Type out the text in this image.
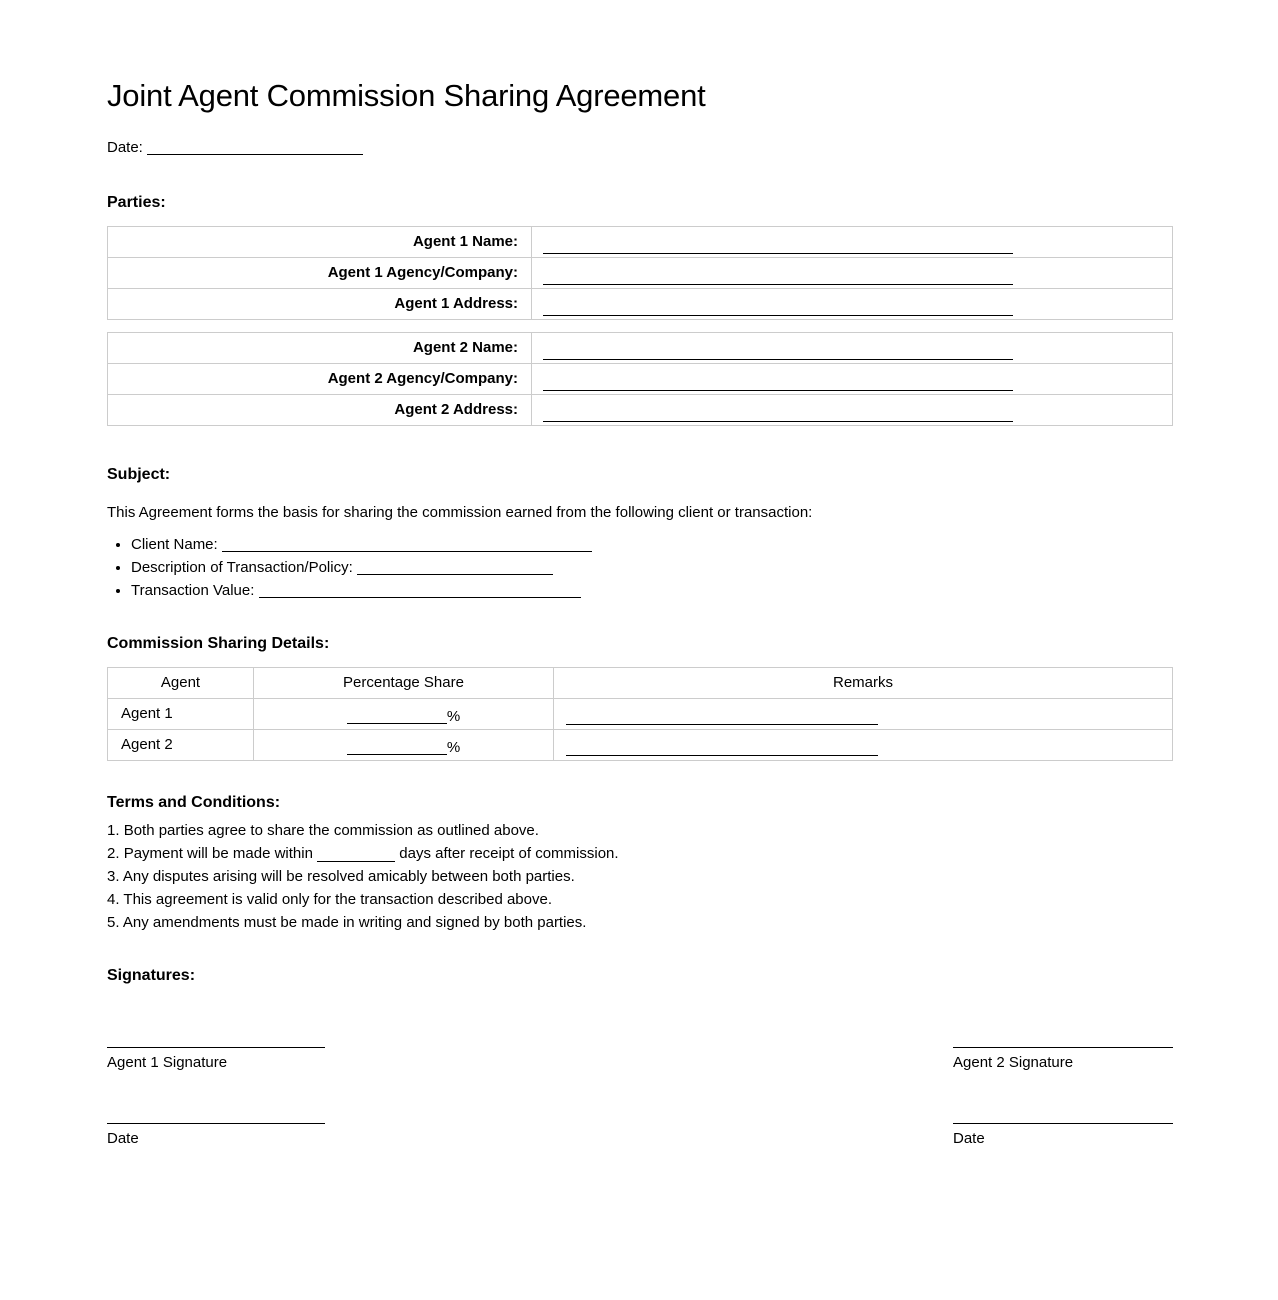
Joint Agent Commission Sharing Agreement
Date:
Parties:
Agent 1 Name:	
Agent 1 Agency/Company:	
Agent 1 Address:	
Agent 2 Name:	
Agent 2 Agency/Company:	
Agent 2 Address:	
Subject:

This Agreement forms the basis for sharing the commission earned from the following client or transaction:

• Client Name:
• Description of Transaction/Policy:
• Transaction Value:
Commission Sharing Details:
Agent	Percentage Share	Remarks
Agent 1	%	
Agent 2	%	
Terms and Conditions:
Both parties agree to share the commission as outlined above.
Payment will be made within	days after receipt of commission.
Any disputes arising will be resolved amicably between both parties.
This agreement is valid only for the transaction described above.
Any amendments must be made in writing and signed by both parties.
Signatures:
Agent 1 Signature
Date
Agent 2 Signature
Date
